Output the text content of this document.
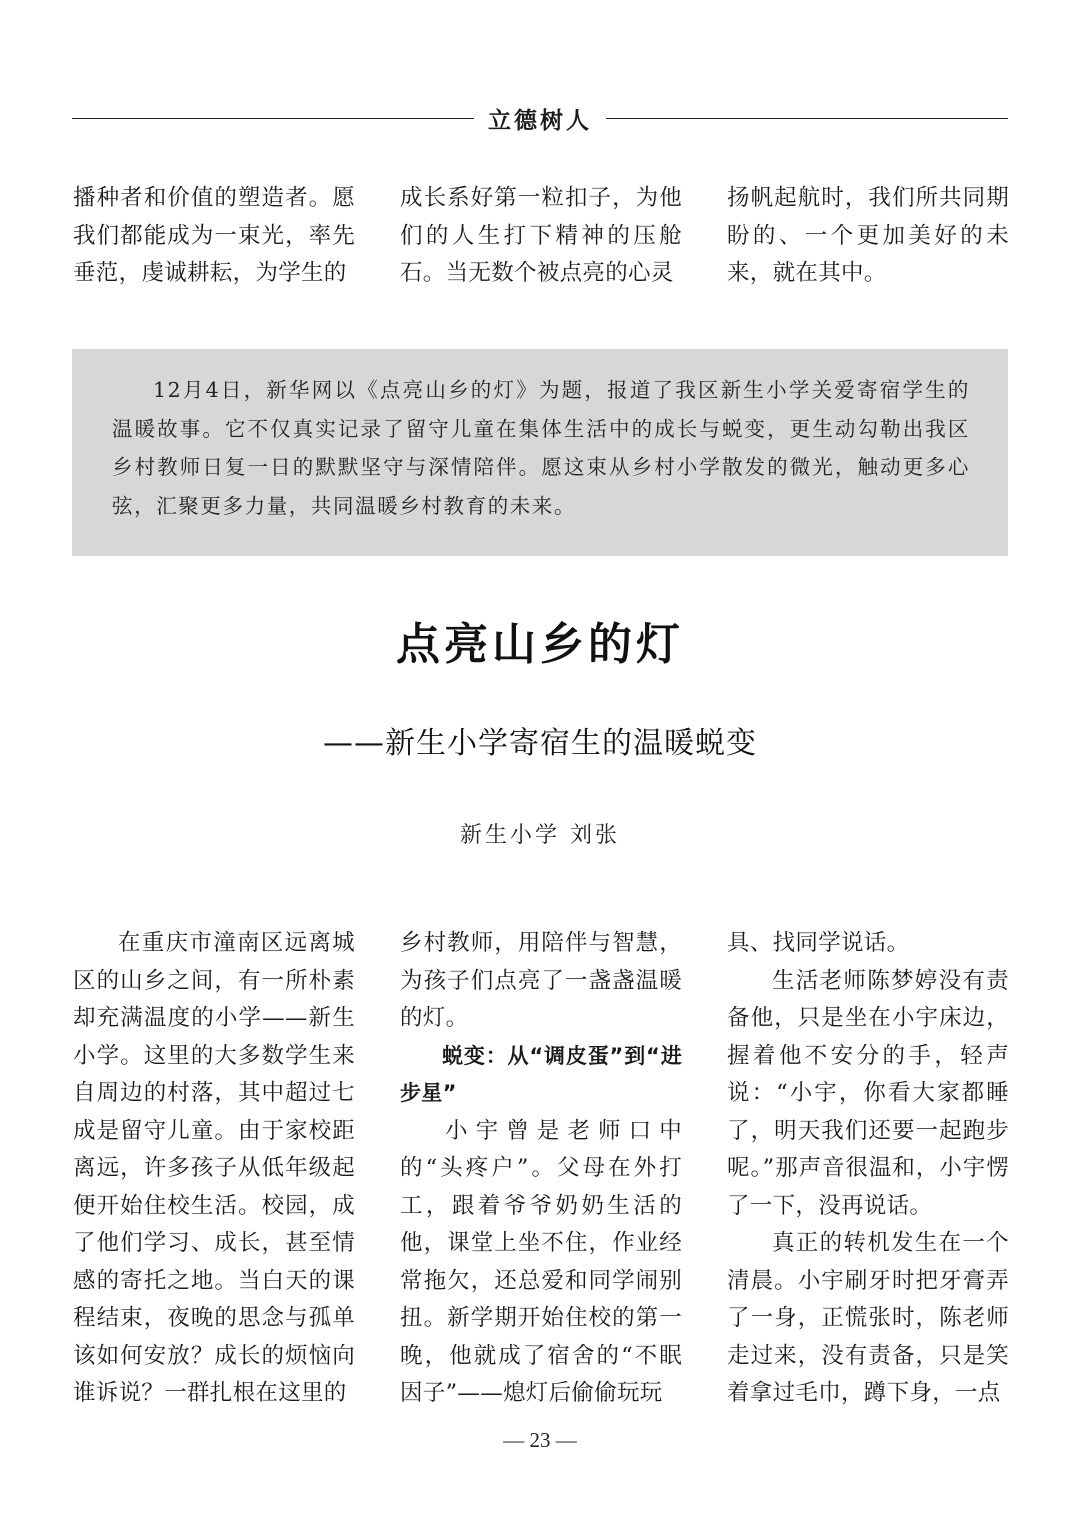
立德树人

播种者和价值的塑造者。愿我们都能成为一束光，率先垂范，虔诚耕耘，为学生的

成长系好第一粒扣子，为他们的人生打下精神的压舱石。当无数个被点亮的心灵

扬帆起航时，我们所共同期盼的、一个更加美好的未来，就在其中。

12月4日，新华网以《点亮山乡的灯》为题，报道了我区新生小学关爱寄宿学生的温暖故事。它不仅真实记录了留守儿童在集体生活中的成长与蜕变，更生动勾勒出我区乡村教师日复一日的默默坚守与深情陪伴。愿这束从乡村小学散发的微光，触动更多心弦，汇聚更多力量，共同温暖乡村教育的未来。

点亮山乡的灯
——新生小学寄宿生的温暖蜕变
新生小学 刘张

在重庆市潼南区远离城区的山乡之间，有一所朴素却充满温度的小学——新生小学。这里的大多数学生来自周边的村落，其中超过七成是留守儿童。由于家校距离远，许多孩子从低年级起便开始住校生活。校园，成了他们学习、成长，甚至情感的寄托之地。当白天的课程结束，夜晚的思念与孤单该如何安放？成长的烦恼向谁诉说？一群扎根在这里的

乡村教师，用陪伴与智慧，为孩子们点亮了一盏盏温暖的灯。

蜕变：从“调皮蛋”到“进步星”

小宇曾是老师口中的“头疼户”。父母在外打工，跟着爷爷奶奶生活的他，课堂上坐不住，作业经常拖欠，还总爱和同学闹别扭。新学期开始住校的第一晚，他就成了宿舍的“不眠因子”——熄灯后偷偷玩玩

具、找同学说话。

生活老师陈梦婷没有责备他，只是坐在小宇床边，握着他不安分的手，轻声说：“小宇，你看大家都睡了，明天我们还要一起跑步呢。”那声音很温和，小宇愣了一下，没再说话。

真正的转机发生在一个清晨。小宇刷牙时把牙膏弄了一身，正慌张时，陈老师走过来，没有责备，只是笑着拿过毛巾，蹲下身，一点

— 23 —
